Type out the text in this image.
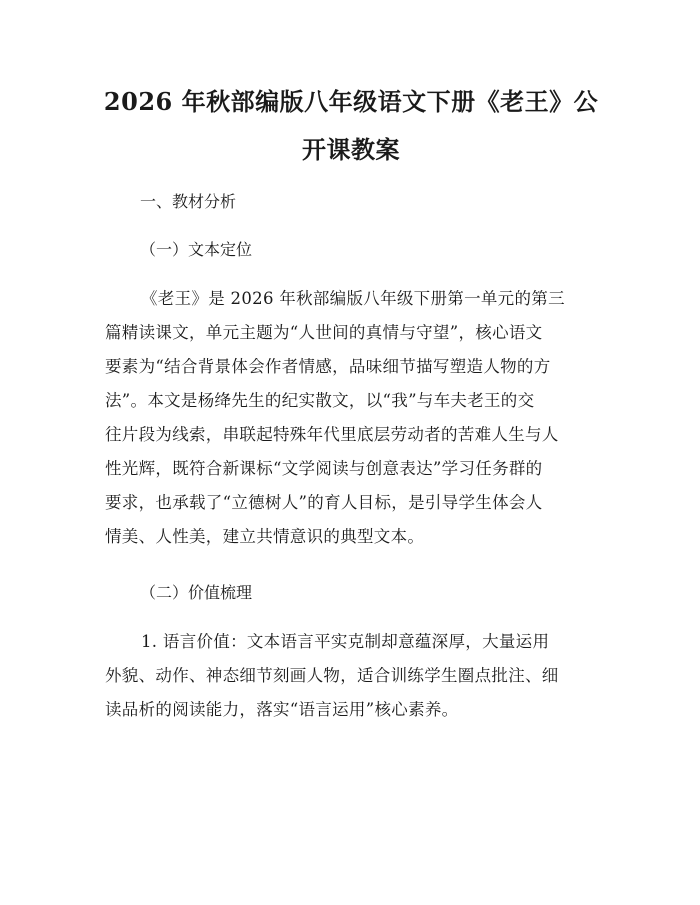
2026 年秋部编版八年级语文下册《老王》公
开课教案
一、教材分析
（一）文本定位
《老王》是 2026 年秋部编版八年级下册第一单元的第三
篇精读课文，单元主题为“人世间的真情与守望”，核心语文
要素为“结合背景体会作者情感，品味细节描写塑造人物的方
法”。本文是杨绛先生的纪实散文，以“我”与车夫老王的交
往片段为线索，串联起特殊年代里底层劳动者的苦难人生与人
性光辉，既符合新课标“文学阅读与创意表达”学习任务群的
要求，也承载了“立德树人”的育人目标，是引导学生体会人
情美、人性美，建立共情意识的典型文本。
（二）价值梳理
1. 语言价值：文本语言平实克制却意蕴深厚，大量运用
外貌、动作、神态细节刻画人物，适合训练学生圈点批注、细
读品析的阅读能力，落实“语言运用”核心素养。
